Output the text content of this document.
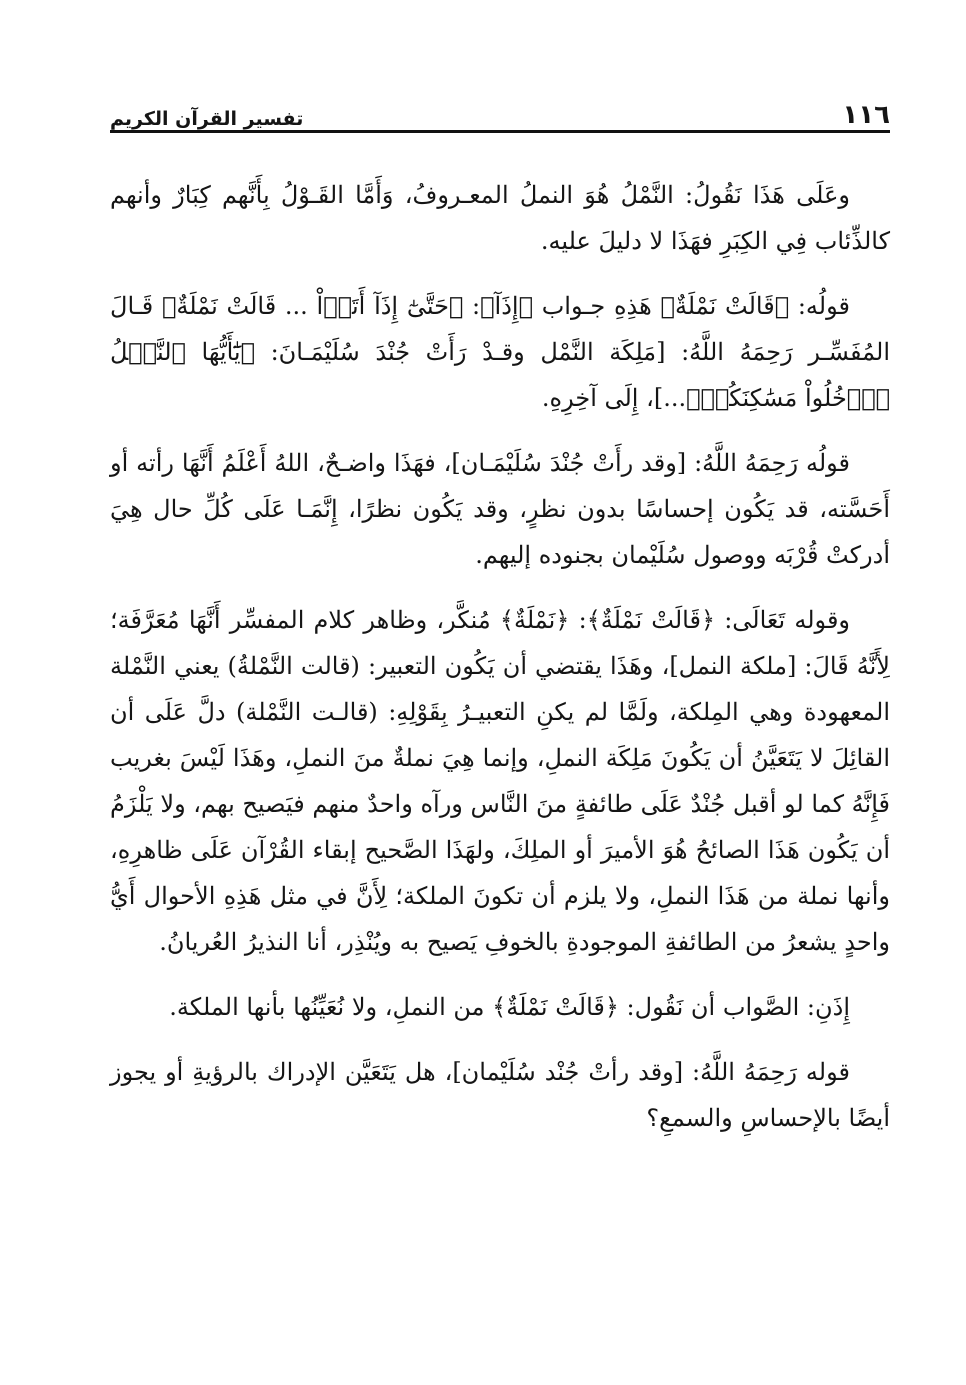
١١٦
تفسير القرآن الكريم

وعَلَى هَذَا نَقُولُ: النَّمْلُ هُوَ النملُ المعـروفُ، وَأَمَّا القَـوْلُ بِأَنَّهم كِبَارٌ وأنهم كالذِّئاب فِي الكِبَرِ فهَذَا لا دليلَ عليه.

قولُه: ﴿قَالَتْ نَمْلَةٌ﴾ هَذِهِ جـواب ﴿إِذَآ﴾: ﴿حَتَّىٰٓ إِذَآ أَتَوۡاْ ... قَالَتْ نَمْلَةٌ﴾ قَـالَ المُفَسِّـر رَحِمَهُ اللَّهُ: [مَلِكَة النَّمْل وقـدْ رَأَتْ جُنْدَ سُلَيْمَـانَ: ﴿يَٰٓأَيُّهَا ٱلنَّمۡلُ ٱدۡخُلُواْ مَسَٰكِنَكُمۡ﴾...]، إِلَى آخِرِهِ.

قولُه رَحِمَهُ اللَّهُ: [وقد رأَتْ جُنْدَ سُلَيْمَـان]، فهَذَا واضـحٌ، اللهُ أَعْلَمُ أَنَّهَا رأته أو أَحَسَّته، قد يَكُون إحساسًا بدون نظرٍ، وقد يَكُون نظرًا، إِنَّمَـا عَلَى كُلِّ حال هِيَ أدركتْ قُرْبَه ووصول سُلَيْمان بجنوده إليهم.

وقوله تَعَالَى: ﴿قَالَتْ نَمْلَةٌ﴾: ﴿نَمْلَةٌ﴾ مُنكَّر، وظاهر كلام المفسِّر أَنَّهَا مُعَرَّفَة؛ لِأَنَّهُ قَالَ: [ملكة النمل]، وهَذَا يقتضي أن يَكُون التعبير: (قالت النَّمْلةُ) يعني النَّمْلة المعهودة وهي المِلكة، ولَمَّا لم يكنِ التعبيـرُ بِقَوْلِهِ: (قالـت النَّمْلة) دلَّ عَلَى أن القائِلَ لا يَتَعَيَّنُ أن يَكُونَ مَلِكَة النملِ، وإنما هِيَ نملةٌ منَ النملِ، وهَذَا لَيْسَ بغريب فَإِنَّهُ كما لو أقبل جُنْدٌ عَلَى طائفةٍ منَ النَّاس ورآه واحدٌ منهم فيَصيح بهم، ولا يَلْزَمُ أن يَكُون هَذَا الصائحُ هُوَ الأميرَ أو الملِكَ، ولهَذَا الصَّحيح إبقاء القُرْآن عَلَى ظاهرِهِ، وأنها نملة من هَذَا النملِ، ولا يلزم أن تكونَ الملكة؛ لِأَنَّ في مثل هَذِهِ الأحوال أَيُّ واحدٍ يشعرُ من الطائفةِ الموجودةِ بالخوفِ يَصيح به ويُنْذِر، أنا النذيرُ العُريانُ.

إِذَنِ: الصَّواب أن نَقُول: ﴿قَالَتْ نَمْلَةٌ﴾ من النملِ، ولا نُعَيِّنُها بأنها الملكة.

قوله رَحِمَهُ اللَّهُ: [وقد رأتْ جُنْد سُلَيْمان]، هل يَتَعَيَّن الإدراك بالرؤيةِ أو يجوز أيضًا بالإحساسِ والسمعِ؟
